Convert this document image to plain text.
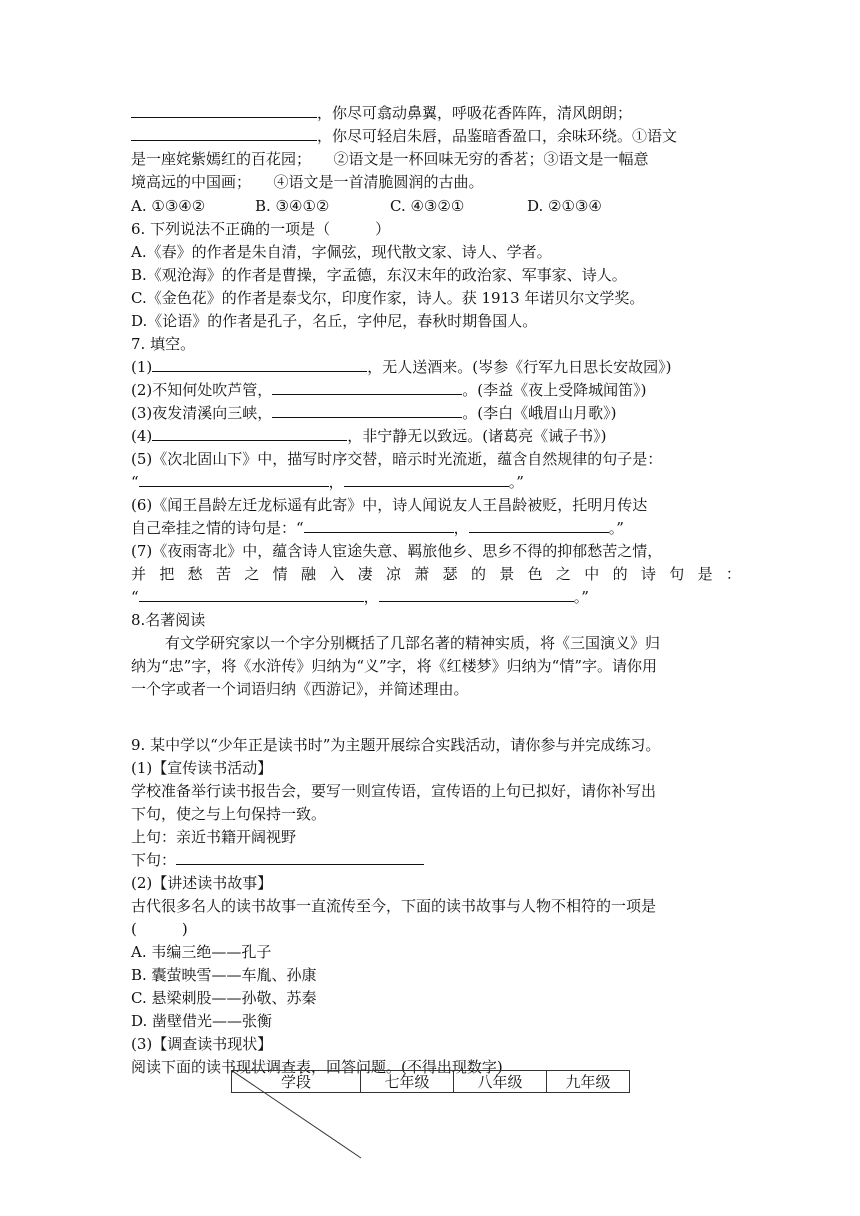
，你尽可翕动鼻翼，呼吸花香阵阵，清风朗朗；
，你尽可轻启朱唇，品鉴暗香盈口，余味环绕。①语文
是一座姹紫嫣红的百花园；　　②语文是一杯回味无穷的香茗；③语文是一幅意
境高远的中国画；　　④语文是一首清脆圆润的古曲。
A. ①③④②	B. ③④①②	C. ④③②①	D. ②①③④
6. 下列说法不正确的一项是（　　　）
A.《春》的作者是朱自清，字佩弦，现代散文家、诗人、学者。
B.《观沧海》的作者是曹操，字孟德，东汉末年的政治家、军事家、诗人。
C.《金色花》的作者是泰戈尔，印度作家，诗人。获 1913 年诺贝尔文学奖。
D.《论语》的作者是孔子，名丘，字仲尼，春秋时期鲁国人。
7. 填空。
(1)	，无人送酒来。(岑参《行军九日思长安故园》)
(2)不知何处吹芦管，	。(李益《夜上受降城闻笛》)
(3)夜发清溪向三峡，	。(李白《峨眉山月歌》)
(4)	，非宁静无以致远。(诸葛亮《诫子书》)
(5)《次北固山下》中，描写时序交替，暗示时光流逝，蕴含自然规律的句子是：
“	，	。”
(6)《闻王昌龄左迁龙标遥有此寄》中，诗人闻说友人王昌龄被贬，托明月传达
自己牵挂之情的诗句是：“	，	。”
(7)《夜雨寄北》中，蕴含诗人宦途失意、羁旅他乡、思乡不得的抑郁愁苦之情，
并 把 愁 苦 之 情 融 入 凄 凉 萧 瑟 的 景 色 之 中 的 诗 句 是 ：
“	，	。”
8.名著阅读
有文学研究家以一个字分别概括了几部名著的精神实质，将《三国演义》归
纳为“忠”字，将《水浒传》归纳为“义”字，将《红楼梦》归纳为“情”字。请你用
一个字或者一个词语归纳《西游记》，并简述理由。
9. 某中学以“少年正是读书时”为主题开展综合实践活动，请你参与并完成练习。
(1)【宣传读书活动】
学校准备举行读书报告会，要写一则宣传语，宣传语的上句已拟好，请你补写出
下句，使之与上句保持一致。
上句：亲近书籍开阔视野
下句：
(2)【讲述读书故事】
古代很多名人的读书故事一直流传至今，下面的读书故事与人物不相符的一项是
(　　　)
A. 韦编三绝——孔子
B. 囊萤映雪——车胤、孙康
C. 悬梁刺股——孙敬、苏秦
D. 凿壁借光——张衡
(3)【调查读书现状】
阅读下面的读书现状调查表，回答问题。(不得出现数字)
学段	七年级	八年级	九年级
